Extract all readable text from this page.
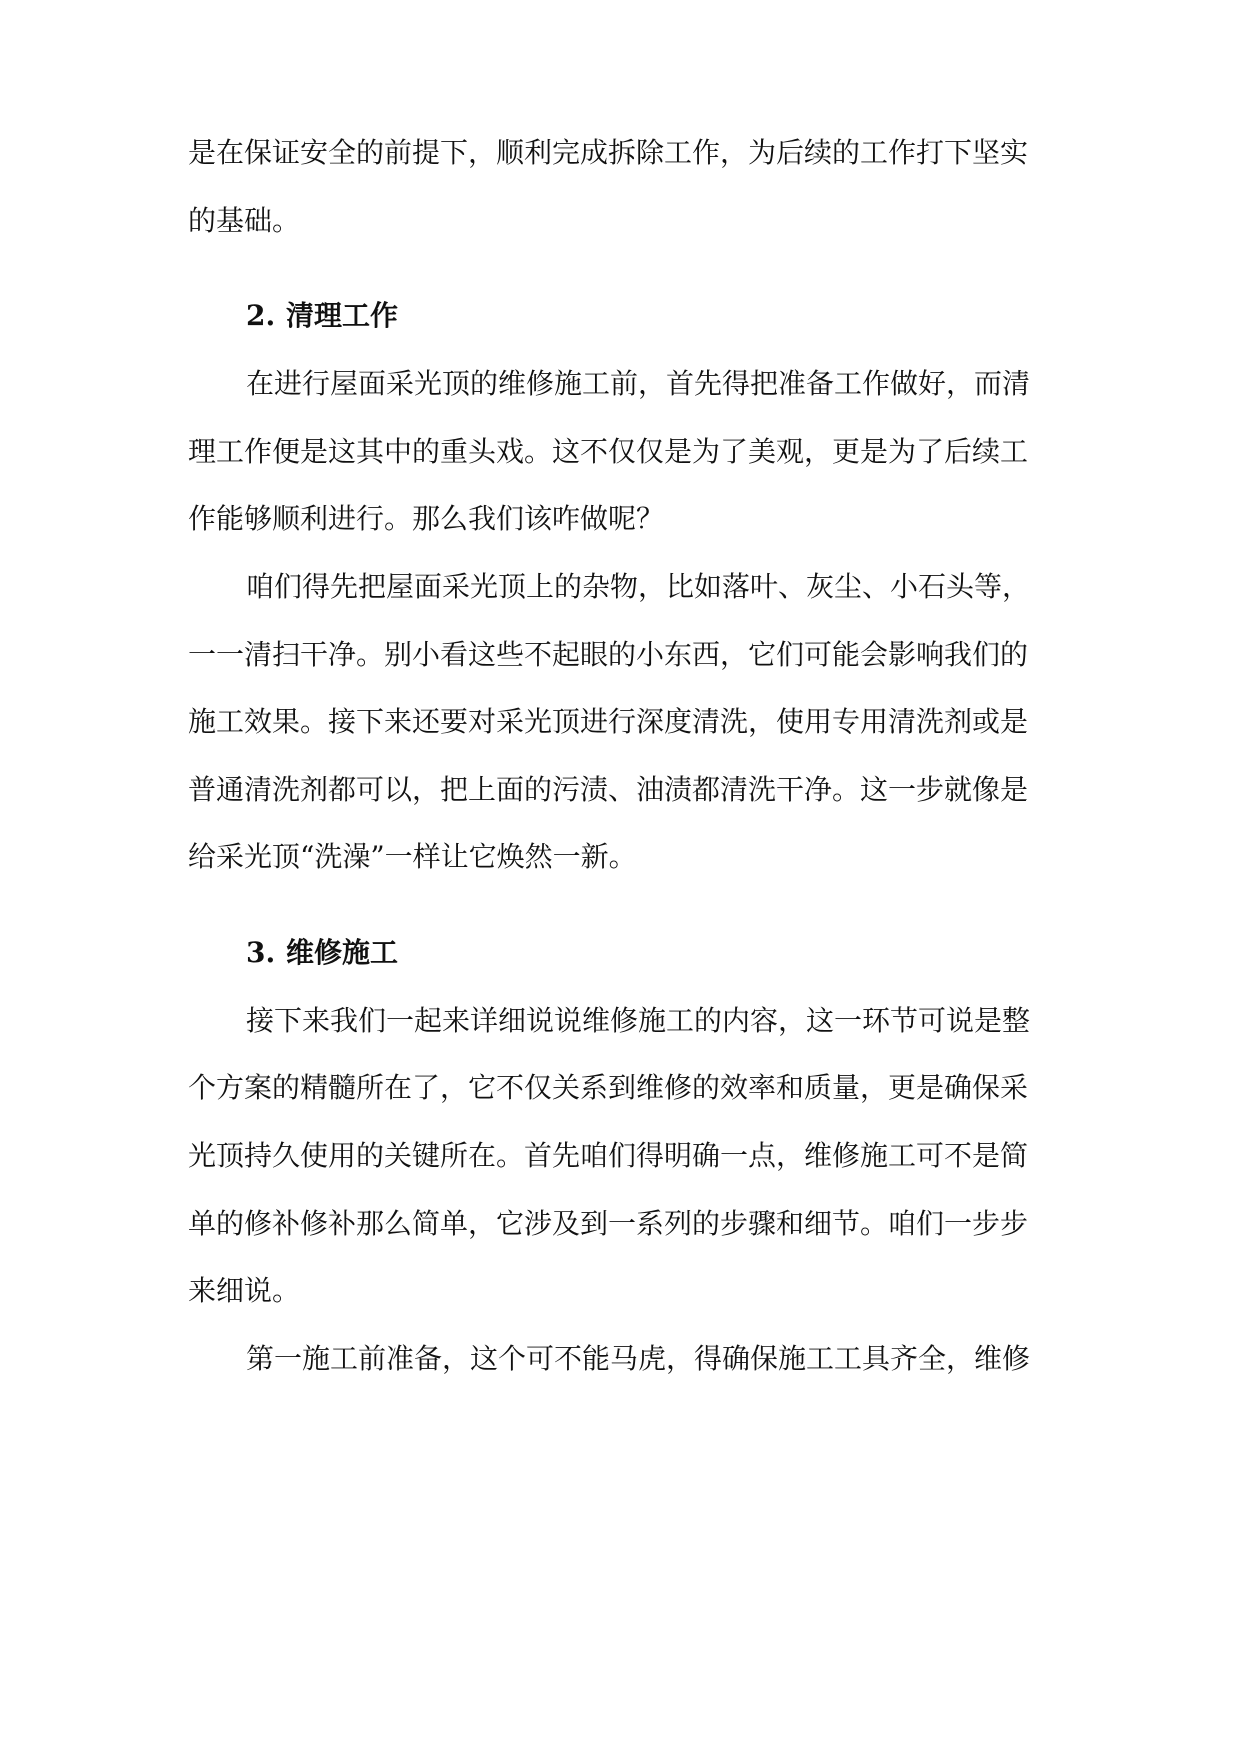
是在保证安全的前提下，顺利完成拆除工作，为后续的工作打下坚实
的基础。
2. 清理工作
在进行屋面采光顶的维修施工前，首先得把准备工作做好，而清
理工作便是这其中的重头戏。这不仅仅是为了美观，更是为了后续工
作能够顺利进行。那么我们该咋做呢？
咱们得先把屋面采光顶上的杂物，比如落叶、灰尘、小石头等，
一一清扫干净。别小看这些不起眼的小东西，它们可能会影响我们的
施工效果。接下来还要对采光顶进行深度清洗，使用专用清洗剂或是
普通清洗剂都可以，把上面的污渍、油渍都清洗干净。这一步就像是
给采光顶“洗澡”一样让它焕然一新。
3. 维修施工
接下来我们一起来详细说说维修施工的内容，这一环节可说是整
个方案的精髓所在了，它不仅关系到维修的效率和质量，更是确保采
光顶持久使用的关键所在。首先咱们得明确一点，维修施工可不是简
单的修补修补那么简单，它涉及到一系列的步骤和细节。咱们一步步
来细说。
第一施工前准备，这个可不能马虎，得确保施工工具齐全，维修
